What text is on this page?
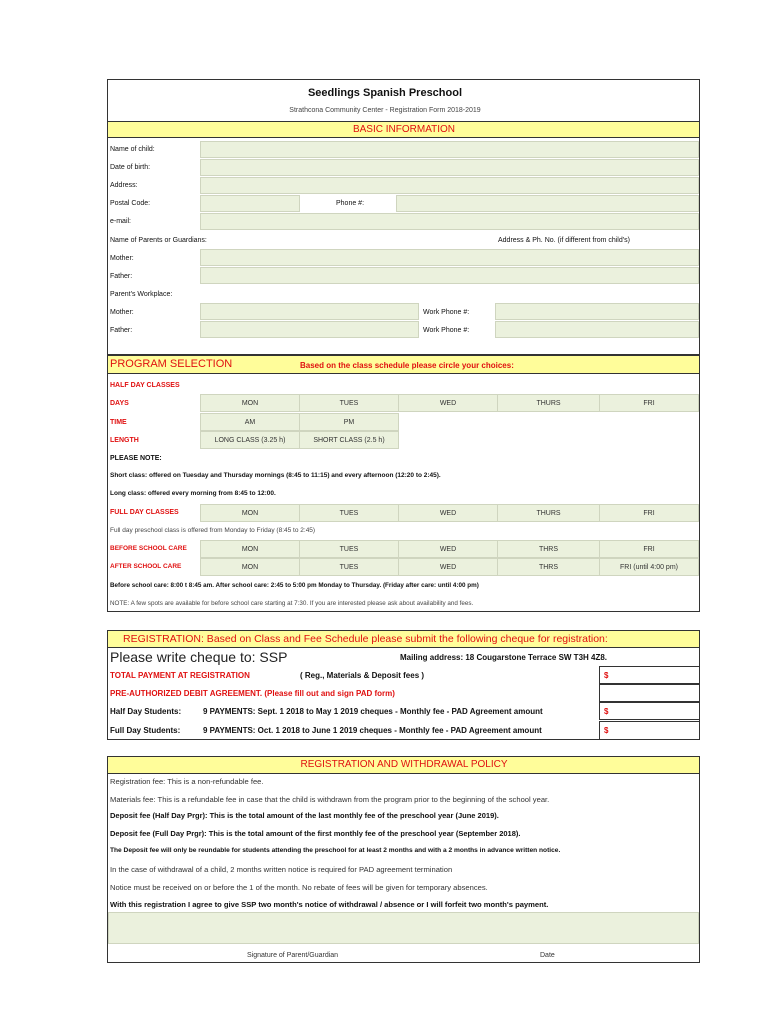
Seedlings Spanish Preschool
Strathcona Community Center - Registration Form 2018-2019
BASIC INFORMATION
Name of child:
Date of birth:
Address:
Postal Code:	Phone #:
e-mail:
Name of Parents or Guardians:	Address & Ph. No. (if different from child's)
Mother:
Father:
Parent's Workplace:
Mother:	Work Phone #:
Father:	Work Phone #:
PROGRAM SELECTION	Based on the class schedule please circle your choices:
HALF DAY CLASSES
DAYS	MON	TUES	WED	THURS	FRI
TIME	AM	PM
LENGTH	LONG CLASS (3.25 h)	SHORT CLASS (2.5 h)
PLEASE NOTE:
Short class: offered on Tuesday and Thursday mornings (8:45 to 11:15) and every afternoon (12:20 to 2:45).
Long class: offered every morning from 8:45 to 12:00.
FULL DAY CLASSES	MON	TUES	WED	THURS	FRI
Full day preschool class is offered from Monday to Friday (8:45 to 2:45)
BEFORE SCHOOL CARE	MON	TUES	WED	THRS	FRI
AFTER SCHOOL CARE	MON	TUES	WED	THRS	FRI (until 4:00 pm)
Before school care: 8:00 t 8:45 am. After school care: 2:45 to 5:00 pm Monday to Thursday. (Friday after care: until 4:00 pm)
NOTE: A few spots are available for before school care starting at 7:30. If you are interested please ask about availability and fees.
REGISTRATION: Based on Class and Fee Schedule please submit the following cheque for registration:
Please write cheque to: SSP	Mailing address: 18 Cougarstone Terrace SW T3H 4Z8.
TOTAL PAYMENT AT REGISTRATION	( Reg., Materials & Deposit fees )	$
PRE-AUTHORIZED DEBIT AGREEMENT. (Please fill out and sign PAD form)
Half Day Students:	9 PAYMENTS: Sept. 1 2018 to May 1 2019 cheques - Monthly fee - PAD Agreement amount	$
Full Day Students:	9 PAYMENTS: Oct. 1 2018 to June 1 2019 cheques - Monthly fee - PAD Agreement amount	$
REGISTRATION AND WITHDRAWAL POLICY
Registration fee: This is a non-refundable fee.
Materials fee: This is a refundable fee in case that the child is withdrawn from the program prior to the beginning of the school year.
Deposit fee (Half Day Prgr): This is the total amount of the last monthly fee of the preschool year (June 2019).
Deposit fee (Full Day Prgr): This is the total amount of the first monthly fee of the preschool year (September 2018).
The Deposit fee will only be reundable for students attending the preschool for at least 2 months and with a 2 months in advance written notice.
In the case of withdrawal of a child, 2 months written notice is required for PAD agreement termination
Notice must be received on or before the 1 of the month. No rebate of fees will be given for temporary absences.
With this registration I agree to give SSP two month's notice of withdrawal / absence or I will forfeit two month's payment.
Signature of Parent/Guardian	Date
